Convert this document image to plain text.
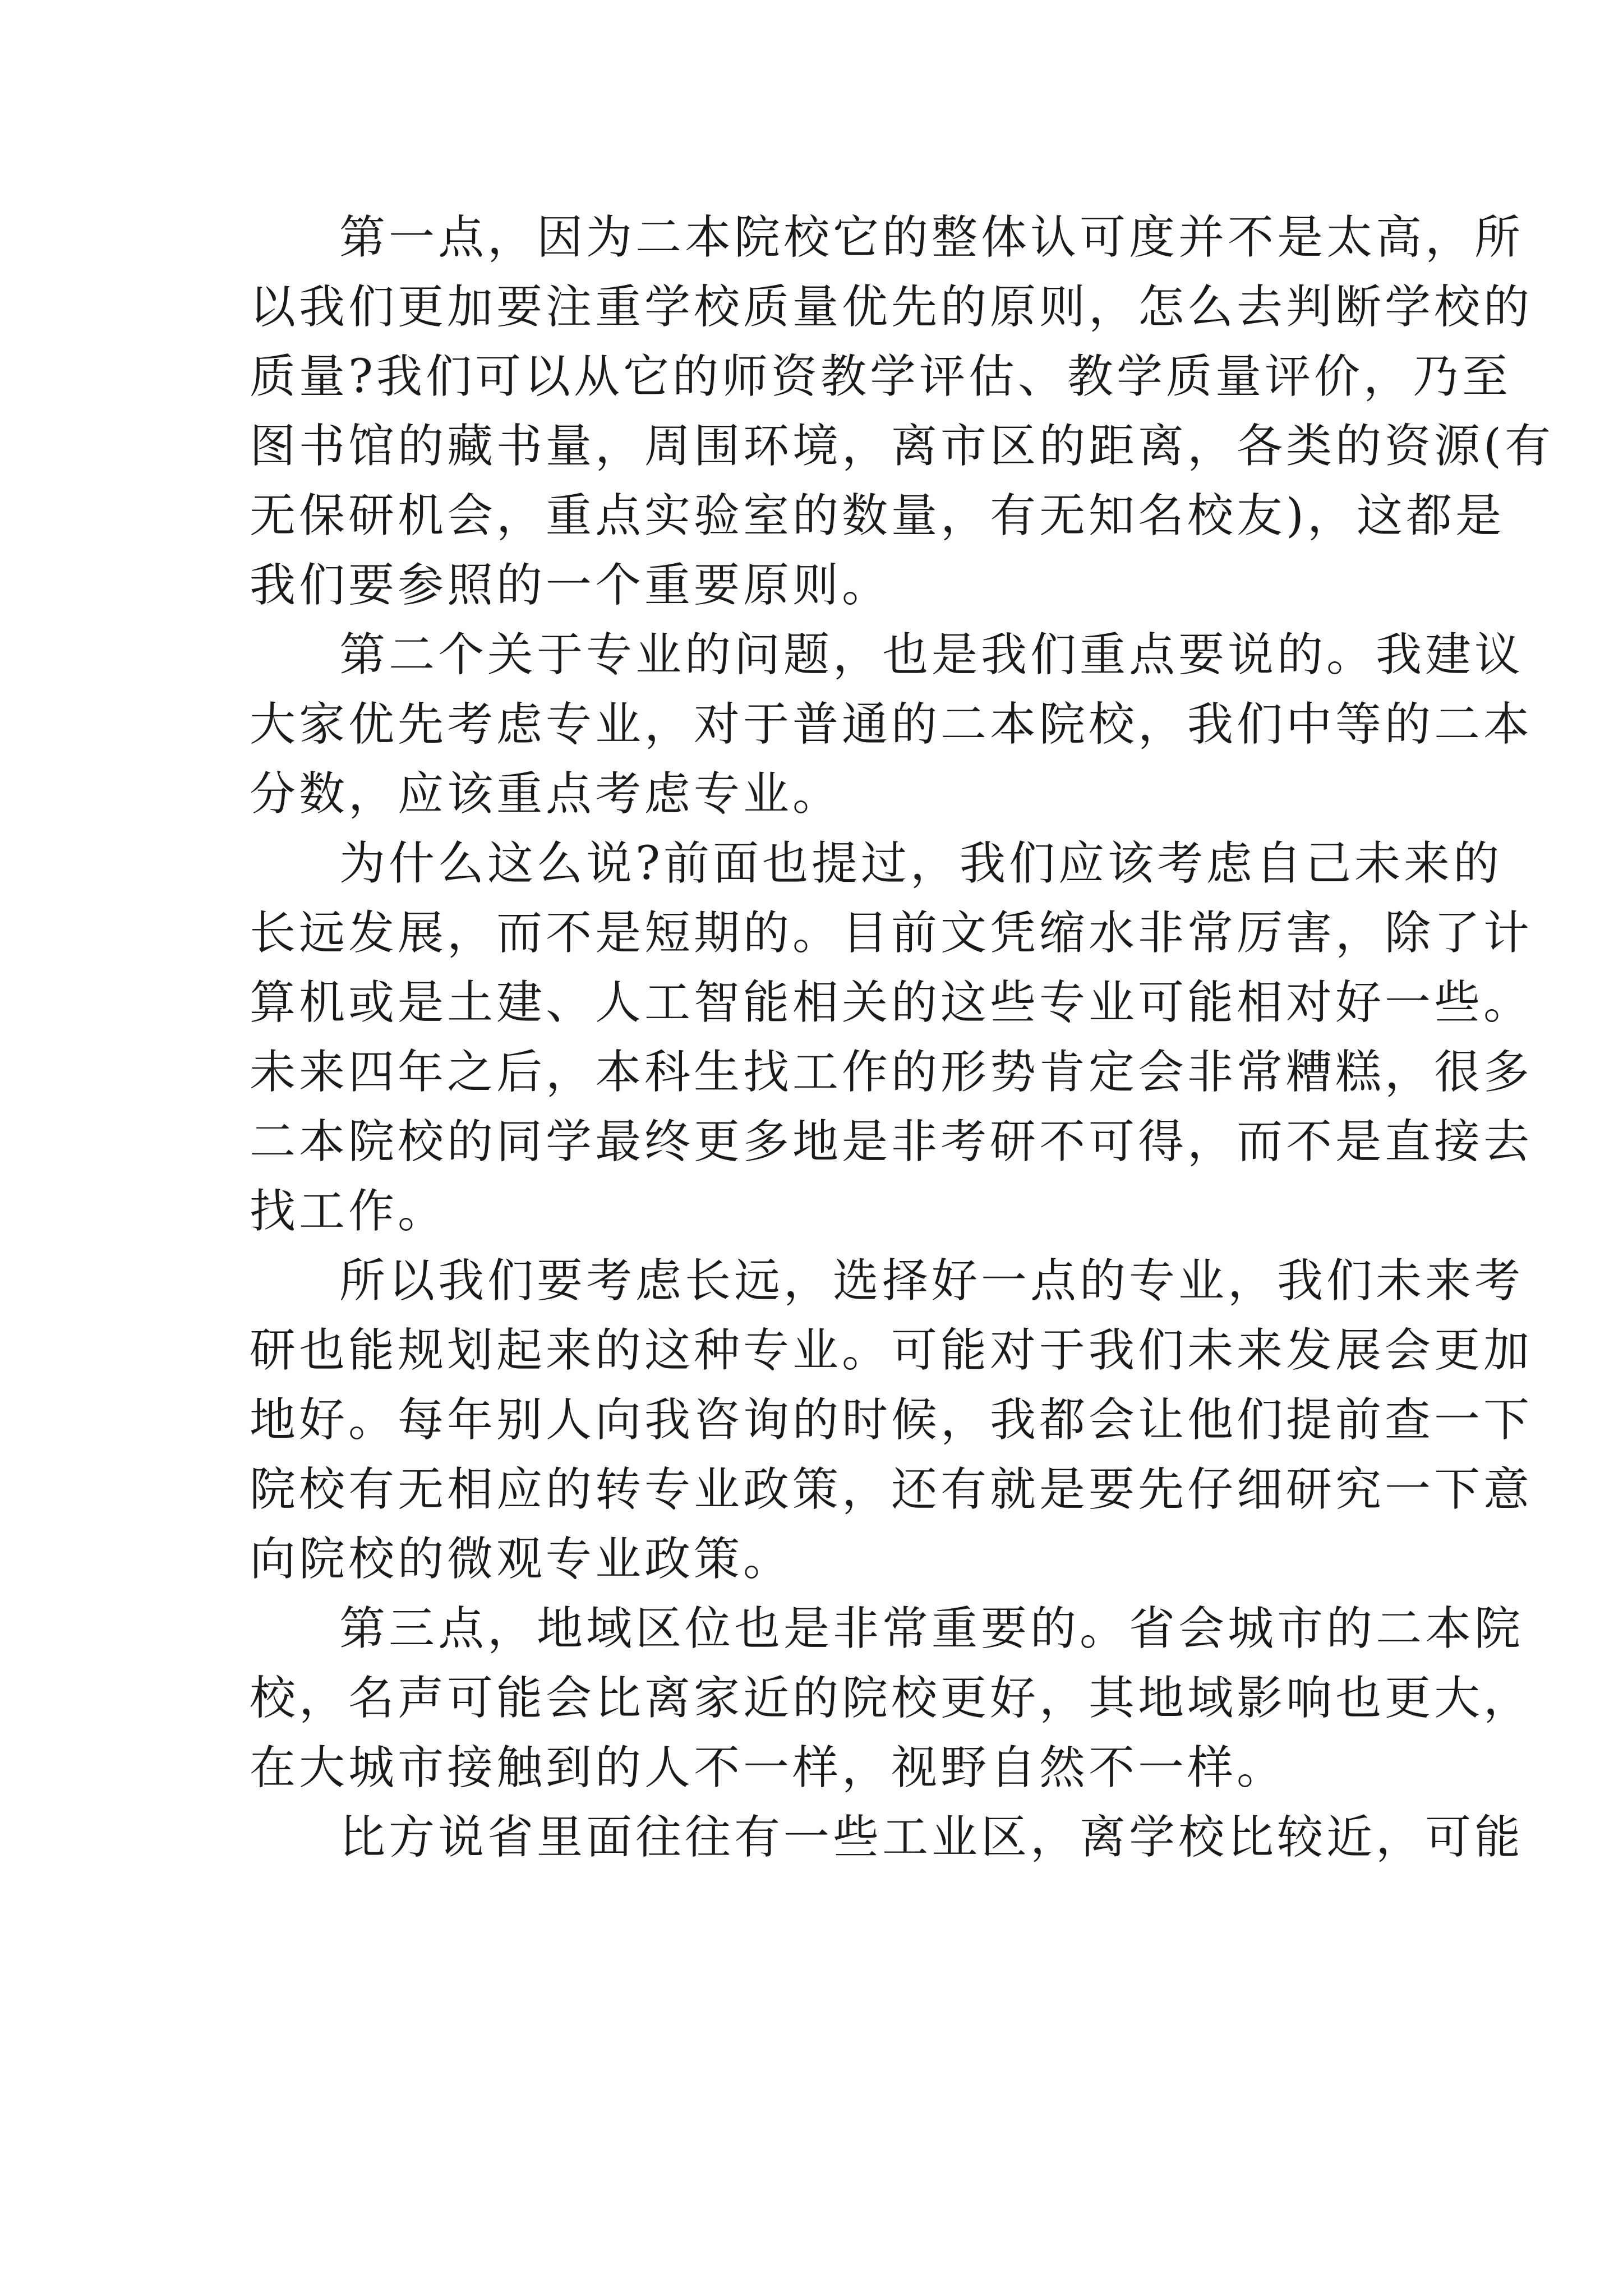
第一点，因为二本院校它的整体认可度并不是太高，所
以我们更加要注重学校质量优先的原则，怎么去判断学校的
质量?我们可以从它的师资教学评估、教学质量评价，乃至
图书馆的藏书量，周围环境，离市区的距离，各类的资源(有
无保研机会，重点实验室的数量，有无知名校友)，这都是
我们要参照的一个重要原则。
第二个关于专业的问题，也是我们重点要说的。我建议
大家优先考虑专业，对于普通的二本院校，我们中等的二本
分数，应该重点考虑专业。
为什么这么说?前面也提过，我们应该考虑自己未来的
长远发展，而不是短期的。目前文凭缩水非常厉害，除了计
算机或是土建、人工智能相关的这些专业可能相对好一些。
未来四年之后，本科生找工作的形势肯定会非常糟糕，很多
二本院校的同学最终更多地是非考研不可得，而不是直接去
找工作。
所以我们要考虑长远，选择好一点的专业，我们未来考
研也能规划起来的这种专业。可能对于我们未来发展会更加
地好。每年别人向我咨询的时候，我都会让他们提前查一下
院校有无相应的转专业政策，还有就是要先仔细研究一下意
向院校的微观专业政策。
第三点，地域区位也是非常重要的。省会城市的二本院
校，名声可能会比离家近的院校更好，其地域影响也更大，
在大城市接触到的人不一样，视野自然不一样。
比方说省里面往往有一些工业区，离学校比较近，可能
